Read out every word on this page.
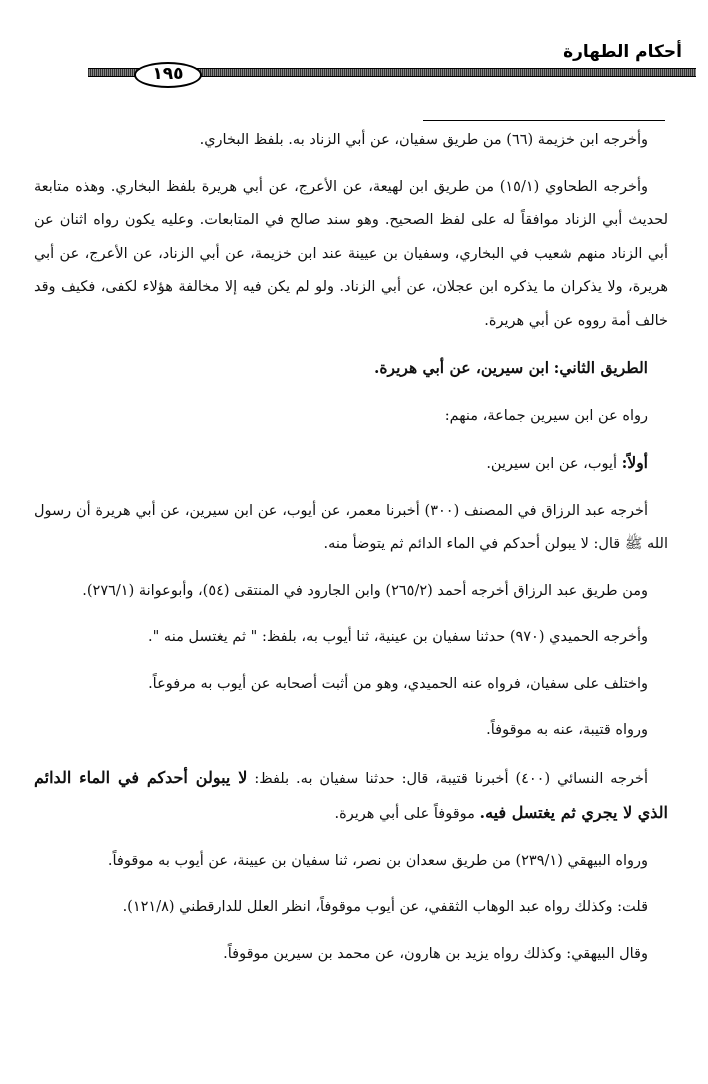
أحكام الطهارة
١٩٥

وأخرجه ابن خزيمة (٦٦) من طريق سفيان، عن أبي الزناد به. بلفظ البخاري.

وأخرجه الطحاوي (١٥/١) من طريق ابن لهيعة، عن الأعرج، عن أبي هريرة بلفظ البخاري. وهذه متابعة لحديث أبي الزناد موافقاً له على لفظ الصحيح. وهو سند صالح في المتابعات. وعليه يكون رواه اثنان عن أبي الزناد منهم شعيب في البخاري، وسفيان بن عيينة عند ابن خزيمة، عن أبي الزناد، عن الأعرج، عن أبي هريرة، ولا يذكران ما يذكره ابن عجلان، عن أبي الزناد. ولو لم يكن فيه إلا مخالفة هؤلاء لكفى، فكيف وقد خالف أمة رووه عن أبي هريرة.

الطريق الثاني: ابن سيرين، عن أبي هريرة.

رواه عن ابن سيرين جماعة، منهم:

أولاً: أيوب، عن ابن سيرين.

أخرجه عبد الرزاق في المصنف (٣٠٠) أخبرنا معمر، عن أيوب، عن ابن سيرين، عن أبي هريرة أن رسول الله ﷺ قال: لا يبولن أحدكم في الماء الدائم ثم يتوضأ منه.

ومن طريق عبد الرزاق أخرجه أحمد (٢٦٥/٢) وابن الجارود في المنتقى (٥٤)، وأبوعوانة (٢٧٦/١).

وأخرجه الحميدي (٩٧٠) حدثنا سفيان بن عينية، ثنا أيوب به، بلفظ: " ثم يغتسل منه ".

واختلف على سفيان، فرواه عنه الحميدي، وهو من أثبت أصحابه عن أيوب به مرفوعاً.

ورواه قتيبة، عنه به موقوفاً.

أخرجه النسائي (٤٠٠) أخبرنا قتيبة، قال: حدثنا سفيان به. بلفظ: لا يبولن أحدكم في الماء الدائم الذي لا يجري ثم يغتسل فيه. موقوفاً على أبي هريرة.

ورواه البيهقي (٢٣٩/١) من طريق سعدان بن نصر، ثنا سفيان بن عيينة، عن أيوب به موقوفاً.

قلت: وكذلك رواه عبد الوهاب الثقفي، عن أيوب موقوفاً، انظر العلل للدارقطني (١٢١/٨).

وقال البيهقي: وكذلك رواه يزيد بن هارون، عن محمد بن سيرين موقوفاً.
